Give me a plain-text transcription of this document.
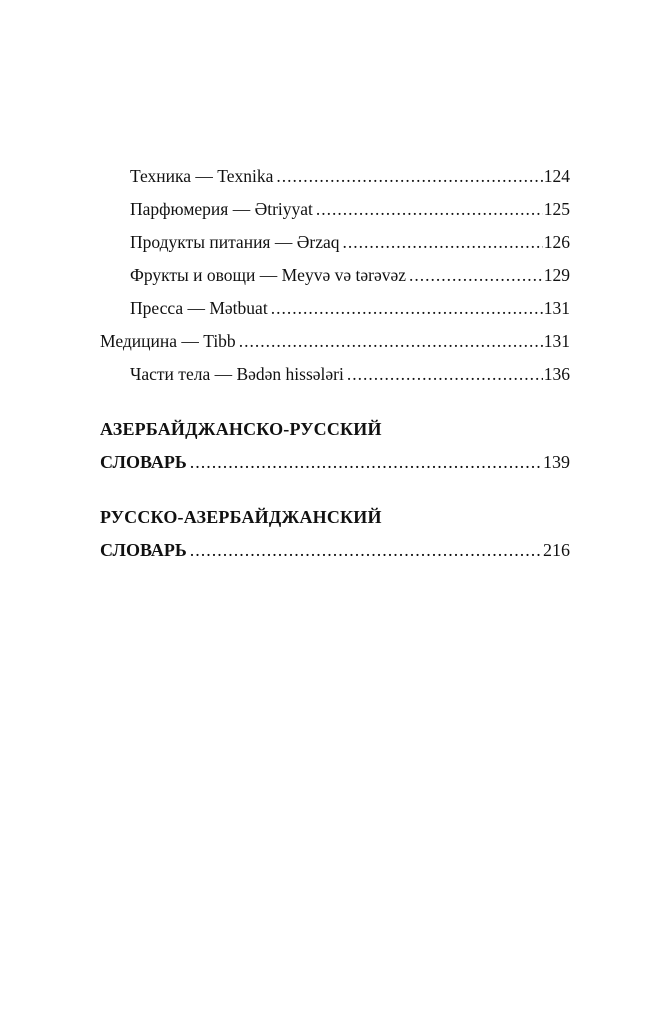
Техника — Texnika .....	124
Парфюмерия — Ətriyyat .....	125
Продукты питания — Ərzaq .....	126
Фрукты и овощи — Meyvə və tərəvəz .....	129
Пресса — Mətbuat .....	131
Медицина — Tibb .....	131
Части тела — Bədən hissələri .....	136
АЗЕРБАЙДЖАНСКО-РУССКИЙ
СЛОВАРЬ .....	139
РУССКО-АЗЕРБАЙДЖАНСКИЙ
СЛОВАРЬ .....	216
